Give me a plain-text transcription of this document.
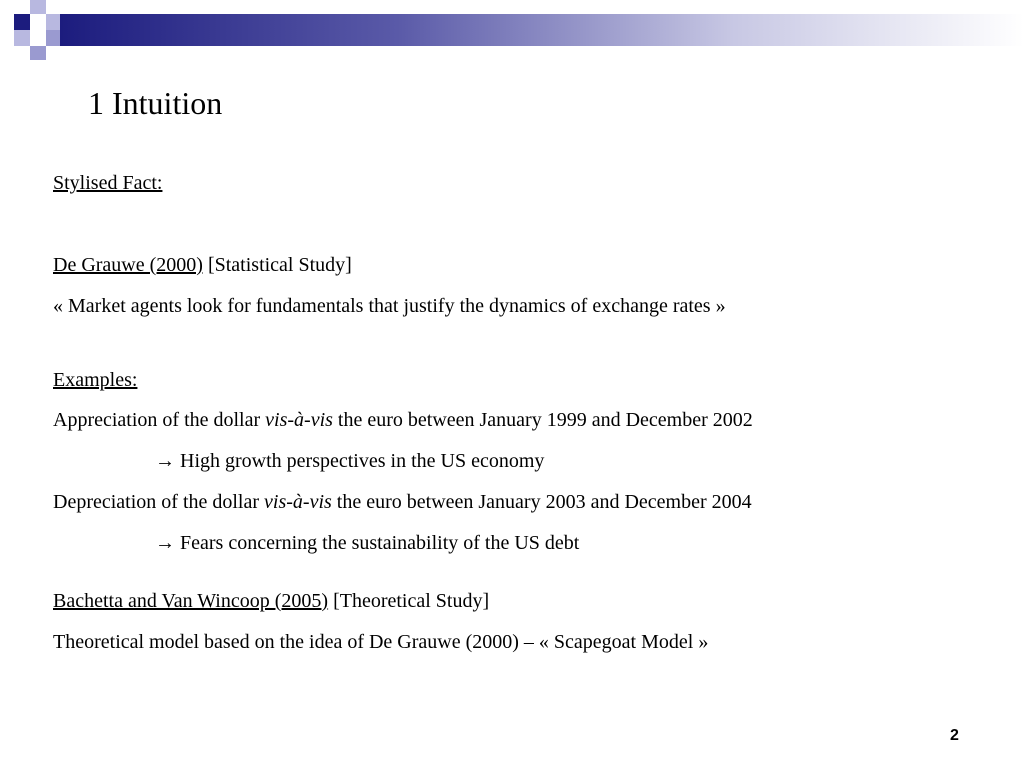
1 Intuition
Stylised Fact:
De Grauwe (2000) [Statistical Study]
« Market agents look for fundamentals that justify the dynamics of exchange rates »
Examples:
Appreciation of the dollar vis-à-vis the euro between January 1999 and December 2002
→ High growth perspectives in the US economy
Depreciation of the dollar vis-à-vis the euro between January 2003 and December 2004
→ Fears concerning the sustainability of the US debt
Bachetta and Van Wincoop (2005) [Theoretical Study]
Theoretical model based on the idea of De Grauwe (2000) – « Scapegoat Model »
2
